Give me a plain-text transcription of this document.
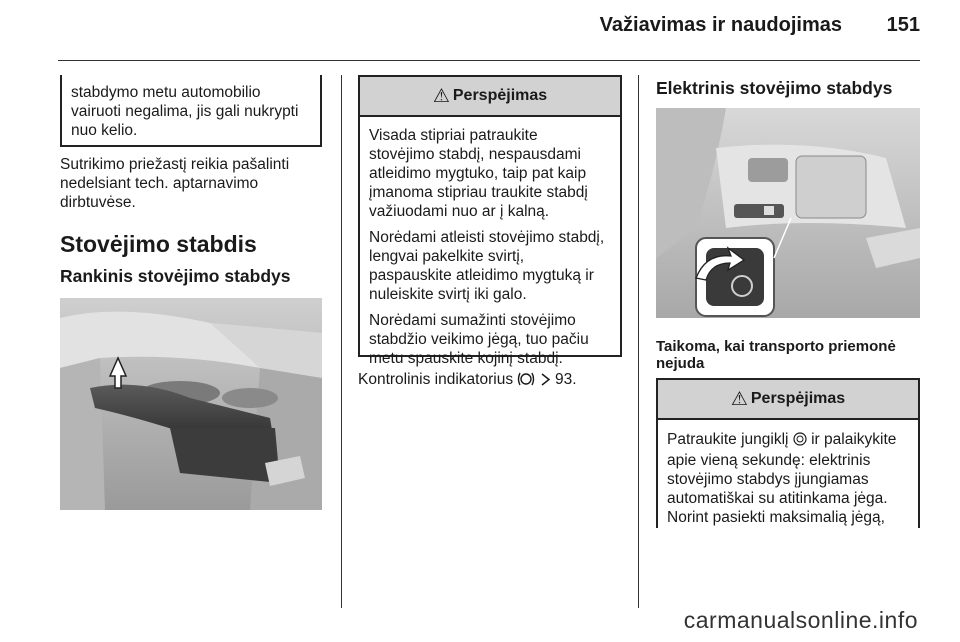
Važiavimas ir naudojimas 151
stabdymo metu automobilio
vairuoti negalima, jis gali nukrypti
nuo kelio.
Sutrikimo priežastį reikia pašalinti
nedelsiant tech. aptarnavimo
dirbtuvėse.
Stovėjimo stabdis
Rankinis stovėjimo stabdys
⚠ Perspėjimas

Visada stipriai patraukite
stovėjimo stabdį, nespausdami
atleidimo mygtuko, taip pat kaip
įmanoma stipriau traukite stabdį
važiuodami nuo ar į kalną.

Norėdami atleisti stovėjimo stabdį,
lengvai pakelkite svirtį,
paspauskite atleidimo mygtuką ir
nuleiskite svirtį iki galo.

Norėdami sumažinti stovėjimo
stabdžio veikimo jėgą, tuo pačiu
metu spauskite kojinį stabdį.

Kontrolinis indikatorius	93.
Elektrinis stovėjimo stabdys
Taikoma, kai transporto priemonė
nejuda
⚠ Perspėjimas
Patraukite jungiklį ir palaikykite
apie vieną sekundę: elektrinis
stovėjimo stabdys įjungiamas
automatiškai su atitinkama jėga.
Norint pasiekti maksimalią jėgą,
carmanualsonline.info
